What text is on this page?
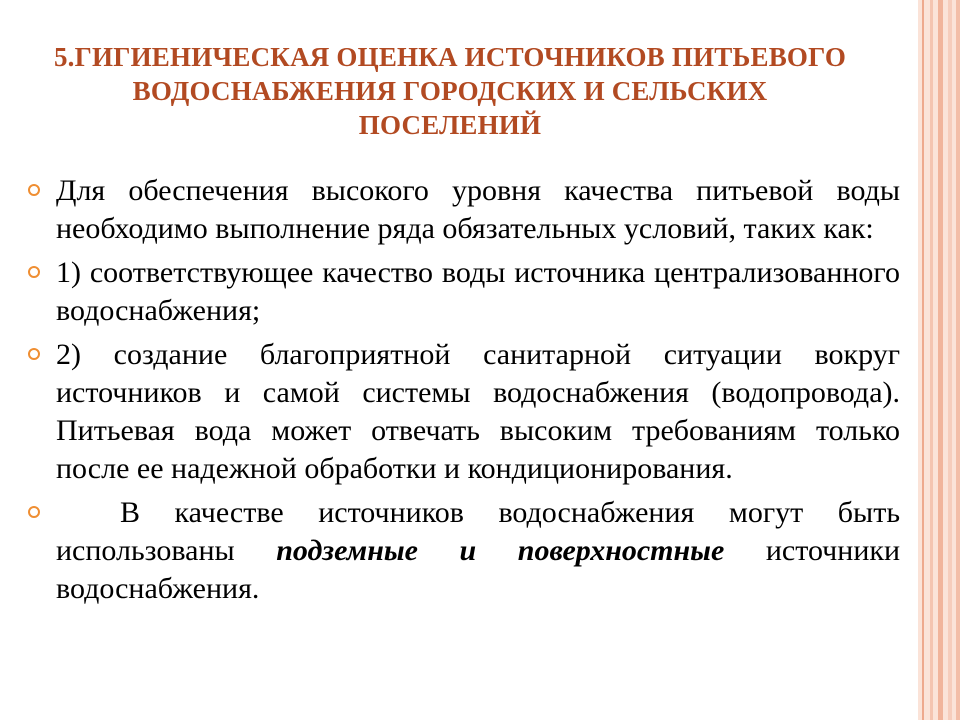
5.ГИГИЕНИЧЕСКАЯ ОЦЕНКА ИСТОЧНИКОВ ПИТЬЕВОГО ВОДОСНАБЖЕНИЯ ГОРОДСКИХ И СЕЛЬСКИХ ПОСЕЛЕНИЙ
Для обеспечения высокого уровня качества питьевой воды необходимо выполнение ряда обязательных условий, таких как:
1) соответствующее качество воды источника централизованного водоснабжения;
2) создание благоприятной санитарной ситуации вокруг источников и самой системы водоснабжения (водопровода). Питьевая вода может отвечать высоким требованиям только после ее надежной обработки и кондиционирования.
В качестве источников водоснабжения могут быть использованы подземные и поверхностные источники водоснабжения.
